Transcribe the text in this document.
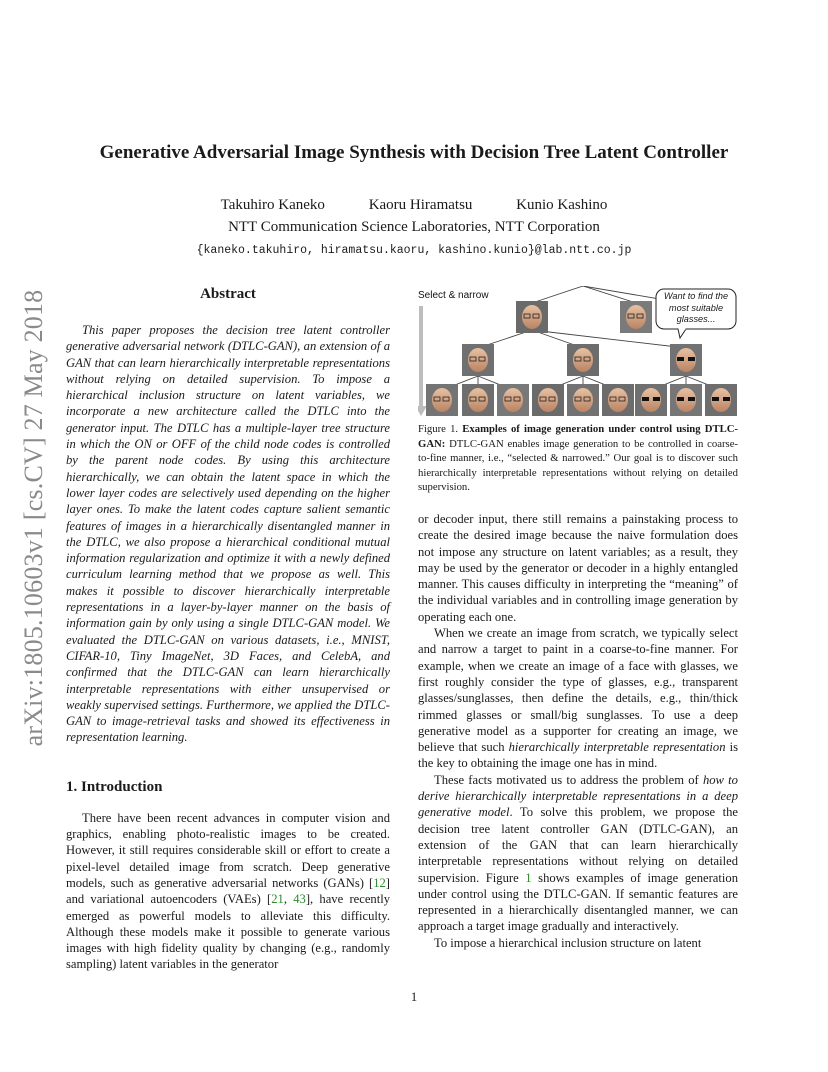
arXiv:1805.10603v1 [cs.CV] 27 May 2018
Generative Adversarial Image Synthesis with Decision Tree Latent Controller
Takuhiro Kaneko	Kaoru Hiramatsu	Kunio Kashino
NTT Communication Science Laboratories, NTT Corporation
{kaneko.takuhiro, hiramatsu.kaoru, kashino.kunio}@lab.ntt.co.jp
Abstract

This paper proposes the decision tree latent controller generative adversarial network (DTLC-GAN), an extension of a GAN that can learn hierarchically interpretable representations without relying on detailed supervision. To impose a hierarchical inclusion structure on latent variables, we incorporate a new architecture called the DTLC into the generator input. The DTLC has a multiple-layer tree structure in which the ON or OFF of the child node codes is controlled by the parent node codes. By using this architecture hierarchically, we can obtain the latent space in which the lower layer codes are selectively used depending on the higher layer ones. To make the latent codes capture salient semantic features of images in a hierarchically disentangled manner in the DTLC, we also propose a hierarchical conditional mutual information regularization and optimize it with a newly defined curriculum learning method that we propose as well. This makes it possible to discover hierarchically interpretable representations in a layer-by-layer manner on the basis of information gain by only using a single DTLC-GAN model. We evaluated the DTLC-GAN on various datasets, i.e., MNIST, CIFAR-10, Tiny ImageNet, 3D Faces, and CelebA, and confirmed that the DTLC-GAN can learn hierarchically interpretable representations with either unsupervised or weakly supervised settings. Furthermore, we applied the DTLC-GAN to image-retrieval tasks and showed its effectiveness in representation learning.

1. Introduction

There have been recent advances in computer vision and graphics, enabling photo-realistic images to be created. However, it still requires considerable skill or effort to create a pixel-level detailed image from scratch. Deep generative models, such as generative adversarial networks (GANs) [12] and variational autoencoders (VAEs) [21, 43], have recently emerged as powerful models to alleviate this difficulty. Although these models make it possible to generate various images with high fidelity quality by changing (e.g., randomly sampling) latent variables in the generator

Select & narrow	Want to find the most suitable glasses...

Figure 1. Examples of image generation under control using DTLC-GAN: DTLC-GAN enables image generation to be controlled in coarse-to-fine manner, i.e., “selected & narrowed.” Our goal is to discover such hierarchically interpretable representations without relying on detailed supervision.

or decoder input, there still remains a painstaking process to create the desired image because the naive formulation does not impose any structure on latent variables; as a result, they may be used by the generator or decoder in a highly entangled manner. This causes difficulty in interpreting the “meaning” of the individual variables and in controlling image generation by operating each one.

When we create an image from scratch, we typically select and narrow a target to paint in a coarse-to-fine manner. For example, when we create an image of a face with glasses, we first roughly consider the type of glasses, e.g., transparent glasses/sunglasses, then define the details, e.g., thin/thick rimmed glasses or small/big sunglasses. To use a deep generative model as a supporter for creating an image, we believe that such hierarchically interpretable representation is the key to obtaining the image one has in mind.

These facts motivated us to address the problem of how to derive hierarchically interpretable representations in a deep generative model. To solve this problem, we propose the decision tree latent controller GAN (DTLC-GAN), an extension of the GAN that can learn hierarchically interpretable representations without relying on detailed supervision. Figure 1 shows examples of image generation under control using the DTLC-GAN. If semantic features are represented in a hierarchically disentangled manner, we can approach a target image gradually and interactively.

To impose a hierarchical inclusion structure on latent

1
